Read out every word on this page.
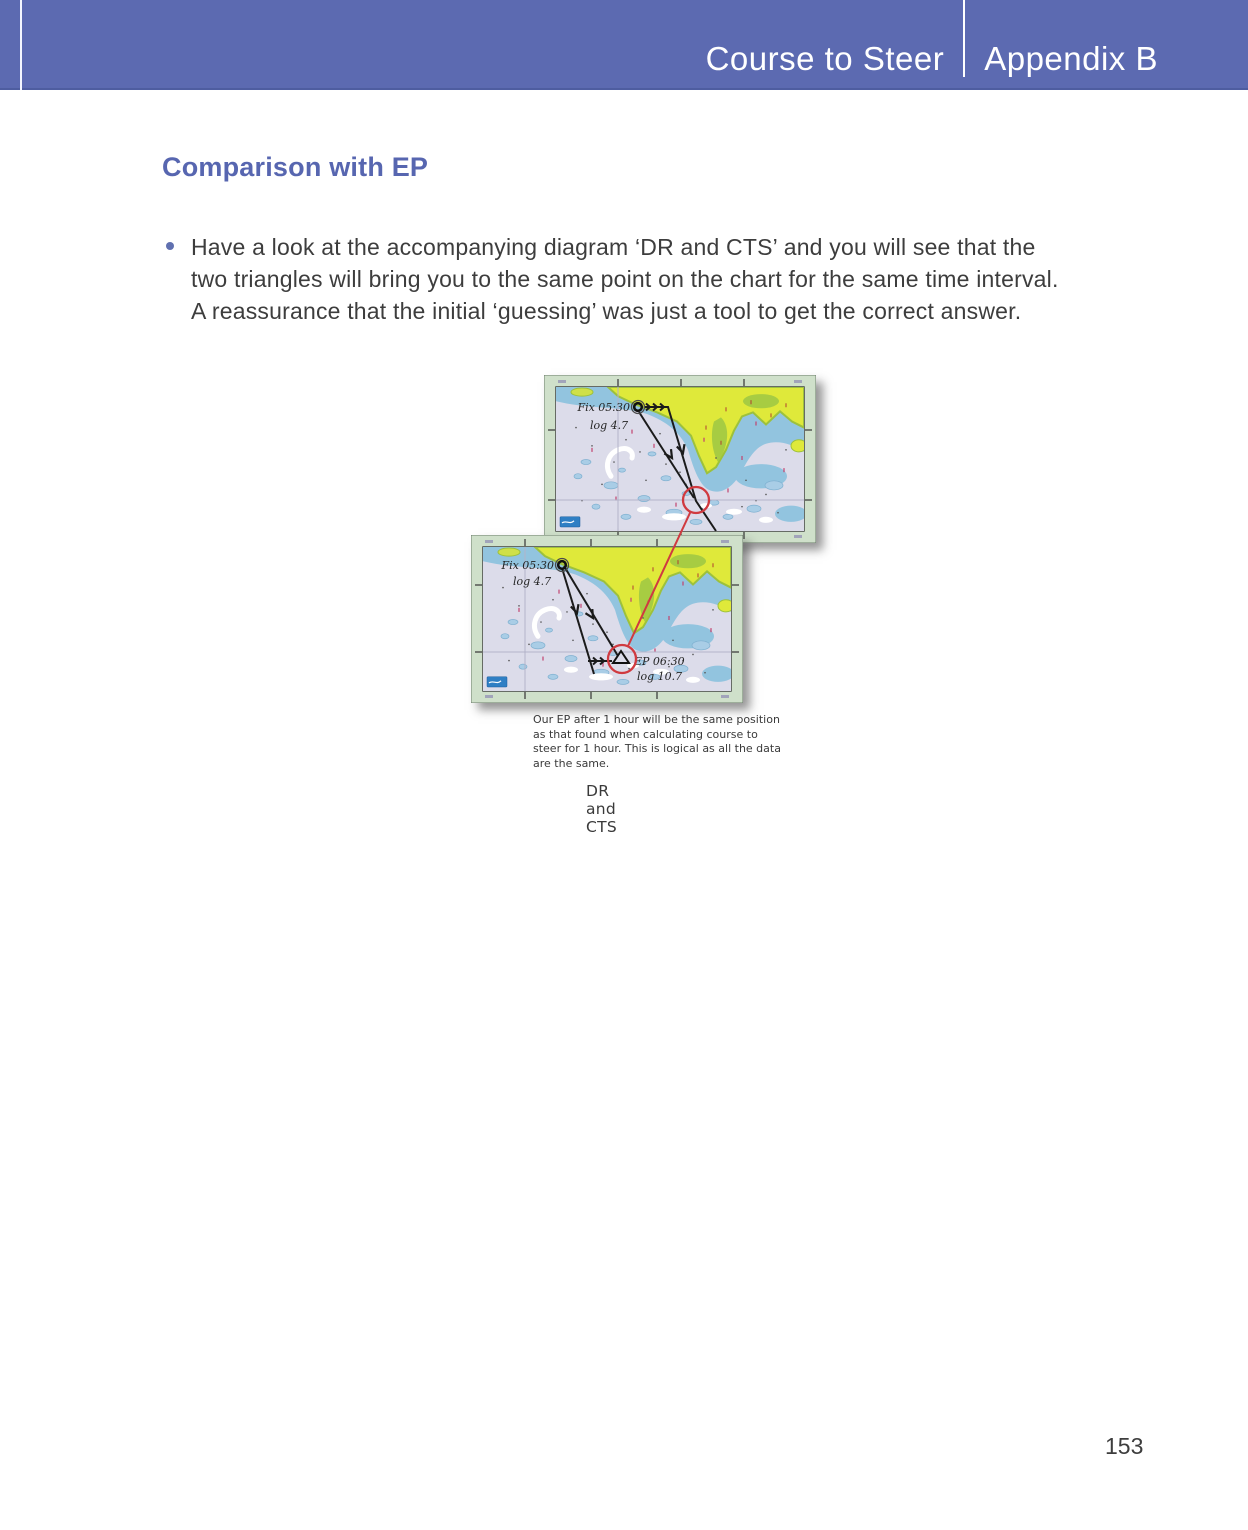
Course to Steer Appendix B
Comparison with EP
Have a look at the accompanying diagram ‘DR and CTS’ and you will see that the
two triangles will bring you to the same point on the chart for the same time interval.
A reassurance that the initial ‘guessing’ was just a tool to get the correct answer.
Fix 05:30
log 4.7
Fix 05:30
log 4.7
EP 06:30
log 10.7
Our EP after 1 hour will be the same position
as that found when calculating course to
steer for 1 hour. This is logical as all the data
are the same.
DR and CTS
153
